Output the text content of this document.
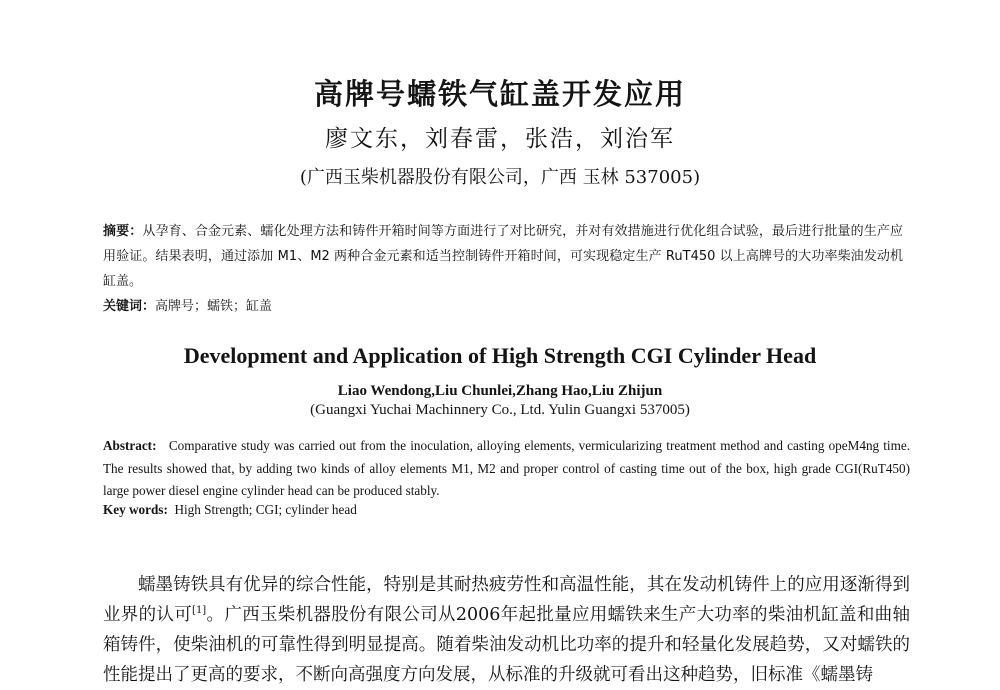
高牌号蠕铁气缸盖开发应用
廖文东，刘春雷，张浩，刘治军
(广西玉柴机器股份有限公司，广西 玉林 537005)
摘要：从孕育、合金元素、蠕化处理方法和铸件开箱时间等方面进行了对比研究，并对有效措施进行优化组合试验，最后进行批量的生产应用验证。结果表明，通过添加 M1、M2 两种合金元素和适当控制铸件开箱时间，可实现稳定生产 RuT450 以上高牌号的大功率柴油发动机缸盖。
关键词：高牌号；蠕铁；缸盖
Development and Application of High Strength CGI Cylinder Head
Liao Wendong,Liu Chunlei,Zhang Hao,Liu Zhijun
(Guangxi Yuchai Machinnery Co., Ltd. Yulin Guangxi 537005)
Abstract: Comparative study was carried out from the inoculation, alloying elements, vermicularizing treatment method and casting opeM4ng time. The results showed that, by adding two kinds of alloy elements M1, M2 and proper control of casting time out of the box, high grade CGI(RuT450) large power diesel engine cylinder head can be produced stably.
Key words: High Strength; CGI; cylinder head
蠕墨铸铁具有优异的综合性能，特别是其耐热疲劳性和高温性能，其在发动机铸件上的应用逐渐得到业界的认可[1]。广西玉柴机器股份有限公司从2006年起批量应用蠕铁来生产大功率的柴油机缸盖和曲轴箱铸件，使柴油机的可靠性得到明显提高。随着柴油发动机比功率的提升和轻量化发展趋势，又对蠕铁的性能提出了更高的要求，不断向高强度方向发展，从标准的升级就可看出这种趋势，旧标准《蠕墨铸
